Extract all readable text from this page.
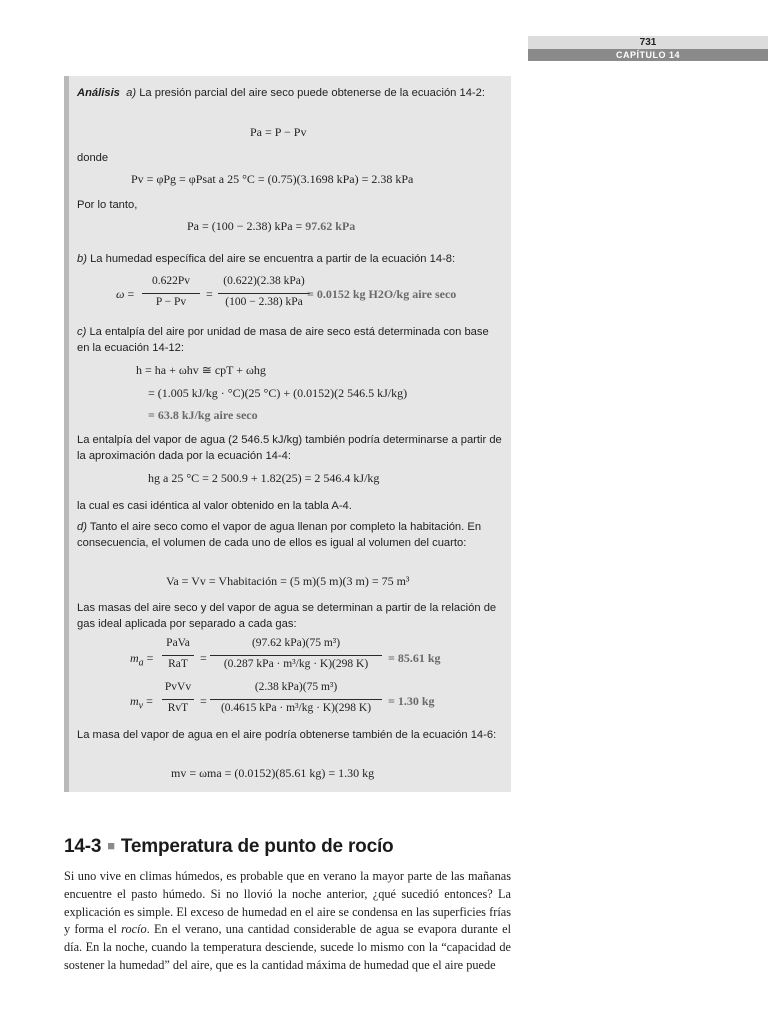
731
CAPÍTULO 14
Análisis a) La presión parcial del aire seco puede obtenerse de la ecuación 14-2:
Pa = P − Pv
donde
Pv = φPg = φPsat a 25 °C = (0.75)(3.1698 kPa) = 2.38 kPa
Por lo tanto,
Pa = (100 − 2.38) kPa = 97.62 kPa
b) La humedad específica del aire se encuentra a partir de la ecuación 14-8:
ω =
0.622Pv
P − Pv
=
(0.622)(2.38 kPa)
(100 − 2.38) kPa
= 0.0152 kg H2O/kg aire seco
c) La entalpía del aire por unidad de masa de aire seco está determinada con base en la ecuación 14-12:
h = ha + ωhv ≅ cpT + ωhg
= (1.005 kJ/kg · °C)(25 °C) + (0.0152)(2 546.5 kJ/kg)
= 63.8 kJ/kg aire seco
La entalpía del vapor de agua (2 546.5 kJ/kg) también podría determinarse a partir de la aproximación dada por la ecuación 14-4:
hg a 25 °C = 2 500.9 + 1.82(25) = 2 546.4 kJ/kg
la cual es casi idéntica al valor obtenido en la tabla A-4.
d) Tanto el aire seco como el vapor de agua llenan por completo la habitación. En consecuencia, el volumen de cada uno de ellos es igual al volumen del cuarto:
Va = Vv = Vhabitación = (5 m)(5 m)(3 m) = 75 m³
Las masas del aire seco y del vapor de agua se determinan a partir de la relación de gas ideal aplicada por separado a cada gas:
$m_a$ =
PaVa
RaT	=
(97.62 kPa)(75 m³)
(0.287 kPa · m³/kg · K)(298 K)	= 85.61 kg
$m_v$ =
PvVv
RvT =
(2.38 kPa)(75 m³)
(0.4615 kPa · m³/kg · K)(298 K)	= 1.30 kg
La masa del vapor de agua en el aire podría obtenerse también de la ecuación 14-6:
mv = ωma = (0.0152)(85.61 kg) = 1.30 kg
14-3 ■ Temperatura de punto de rocío
Si uno vive en climas húmedos, es probable que en verano la mayor parte de las mañanas encuentre el pasto húmedo. Si no llovió la noche anterior, ¿qué sucedió entonces? La explicación es simple. El exceso de humedad en el aire se condensa en las superficies frías y forma el rocío. En el verano, una cantidad considerable de agua se evapora durante el día. En la noche, cuando la temperatura desciende, sucede lo mismo con la “capacidad de sostener la humedad” del aire, que es la cantidad máxima de humedad que el aire puede
